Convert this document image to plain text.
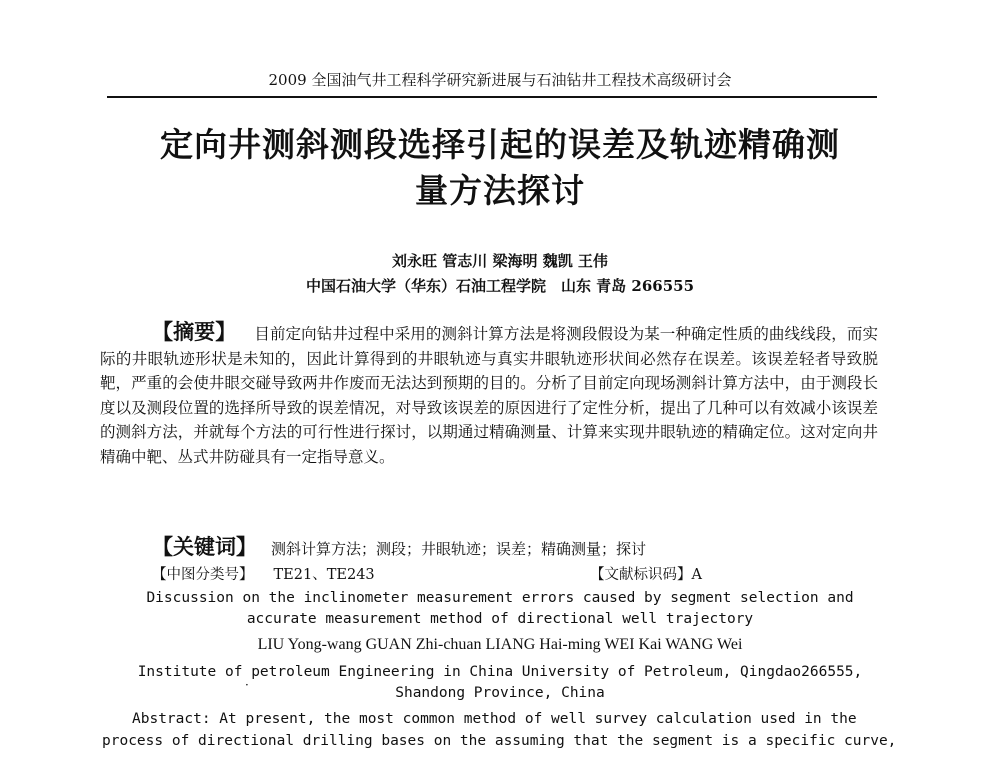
2009 全国油气井工程科学研究新进展与石油钻井工程技术高级研讨会
定向井测斜测段选择引起的误差及轨迹精确测
量方法探讨
刘永旺 管志川 梁海明 魏凯 王伟
中国石油大学（华东）石油工程学院　山东 青岛 266555
【摘要】 目前定向钻井过程中采用的测斜计算方法是将测段假设为某一种确定性质的曲线线段，而实际的井眼轨迹形状是未知的，因此计算得到的井眼轨迹与真实井眼轨迹形状间必然存在误差。该误差轻者导致脱靶，严重的会使井眼交碰导致两井作废而无法达到预期的目的。分析了目前定向现场测斜计算方法中，由于测段长度以及测段位置的选择所导致的误差情况，对导致该误差的原因进行了定性分析，提出了几种可以有效减小该误差的测斜方法，并就每个方法的可行性进行探讨，以期通过精确测量、计算来实现井眼轨迹的精确定位。这对定向井精确中靶、丛式井防碰具有一定指导意义。
【关键词】 测斜计算方法；测段；井眼轨迹；误差；精确测量；探讨
【中图分类号】 TE21、TE243	【文献标识码】A
Discussion on the inclinometer measurement errors caused by segment selection and
accurate measurement method of directional well trajectory
LIU Yong-wang GUAN Zhi-chuan LIANG Hai-ming WEI Kai WANG Wei
Institute of petroleum Engineering in China University of Petroleum, Qingdao266555,
Shandong Province, China
·
Abstract: At present, the most common method of well survey calculation used in the
process of directional drilling bases on the assuming that the segment is a specific curve,
